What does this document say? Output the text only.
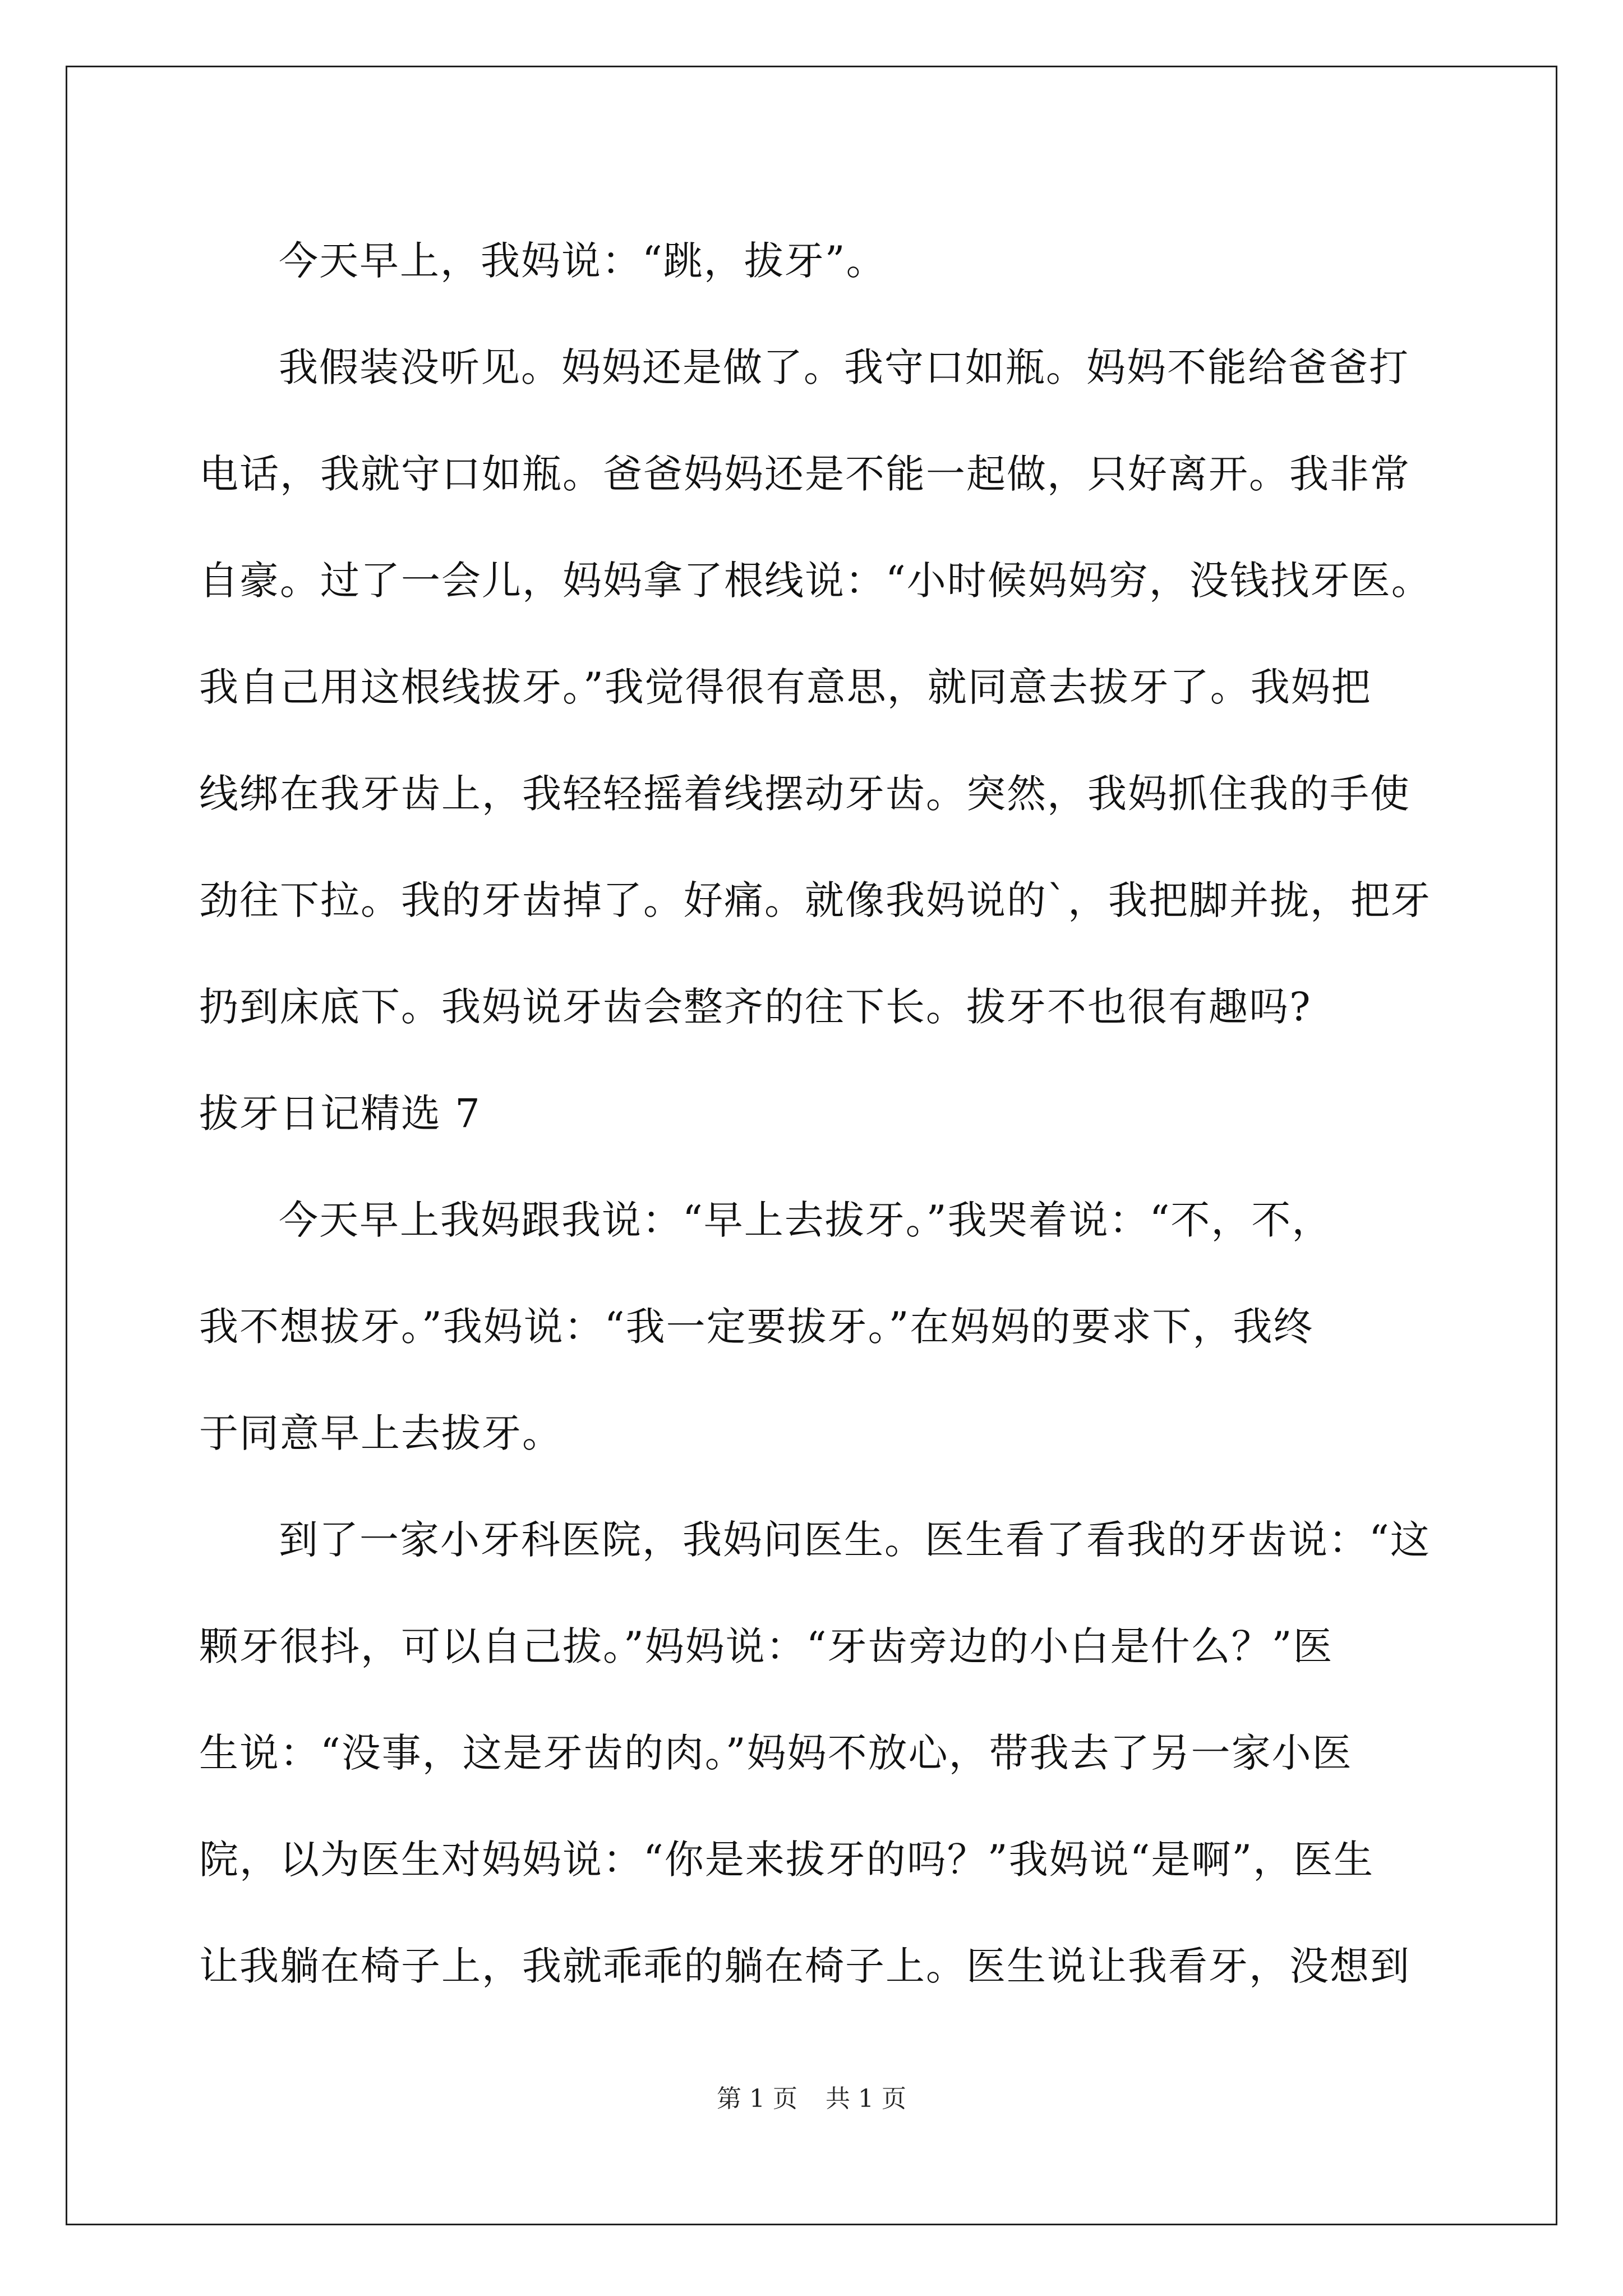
今天早上，我妈说：“跳，拔牙”。
我假装没听见。妈妈还是做了。我守口如瓶。妈妈不能给爸爸打
电话，我就守口如瓶。爸爸妈妈还是不能一起做，只好离开。我非常
自豪。过了一会儿，妈妈拿了根线说：“小时候妈妈穷，没钱找牙医。
我自己用这根线拔牙。”我觉得很有意思，就同意去拔牙了。我妈把
线绑在我牙齿上，我轻轻摇着线摆动牙齿。突然，我妈抓住我的手使
劲往下拉。我的牙齿掉了。好痛。就像我妈说的`，我把脚并拢，把牙
扔到床底下。我妈说牙齿会整齐的往下长。拔牙不也很有趣吗?
拔牙日记精选 7
今天早上我妈跟我说：“早上去拔牙。”我哭着说：“不，不，
我不想拔牙。”我妈说：“我一定要拔牙。”在妈妈的要求下，我终
于同意早上去拔牙。
到了一家小牙科医院，我妈问医生。医生看了看我的牙齿说：“这
颗牙很抖，可以自己拔。”妈妈说：“牙齿旁边的小白是什么？”医
生说：“没事，这是牙齿的肉。”妈妈不放心，带我去了另一家小医
院，以为医生对妈妈说：“你是来拔牙的吗？”我妈说“是啊”，医生
让我躺在椅子上，我就乖乖的躺在椅子上。医生说让我看牙，没想到
第 1 页 共 1 页
